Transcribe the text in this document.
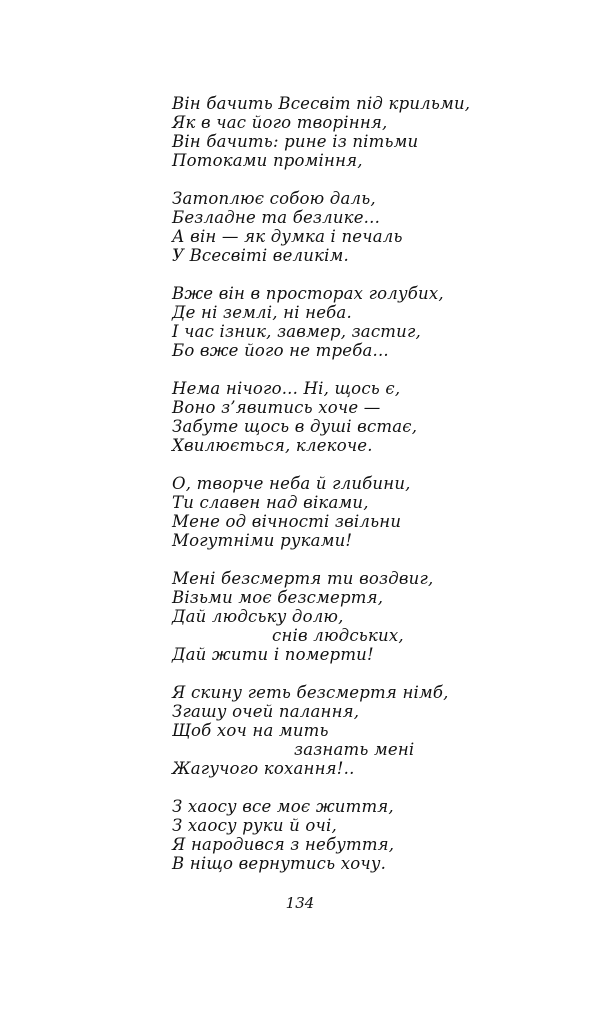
Він бачить Всесвіт під крильми,
Як в час його творіння,
Він бачить: рине із пітьми
Потоками проміння,
Затоплює собою даль,
Безладне та безлике...
А він — як думка і печаль
У Всесвіті великім.
Вже він в просторах голубих,
Де ні землі, ні неба.
І час ізник, завмер, застиг,
Бо вже його не треба...
Нема нічого... Ні, щось є,
Воно з’явитись хоче —
Забуте щось в душі встає,
Хвилюється, клекоче.
О, творче неба й глибини,
Ти славен над віками,
Мене од вічності звільни
Могутніми руками!
Мені безсмертя ти воздвиг,
Візьми моє безсмертя,
Дай людську долю,
снів людських,
Дай жити і померти!
Я скину геть безсмертя німб,
Згашу очей палання,
Щоб хоч на мить
зазнать мені
Жагучого кохання!..
З хаосу все моє життя,
З хаосу руки й очі,
Я народився з небуття,
В ніщо вернутись хочу.
134
